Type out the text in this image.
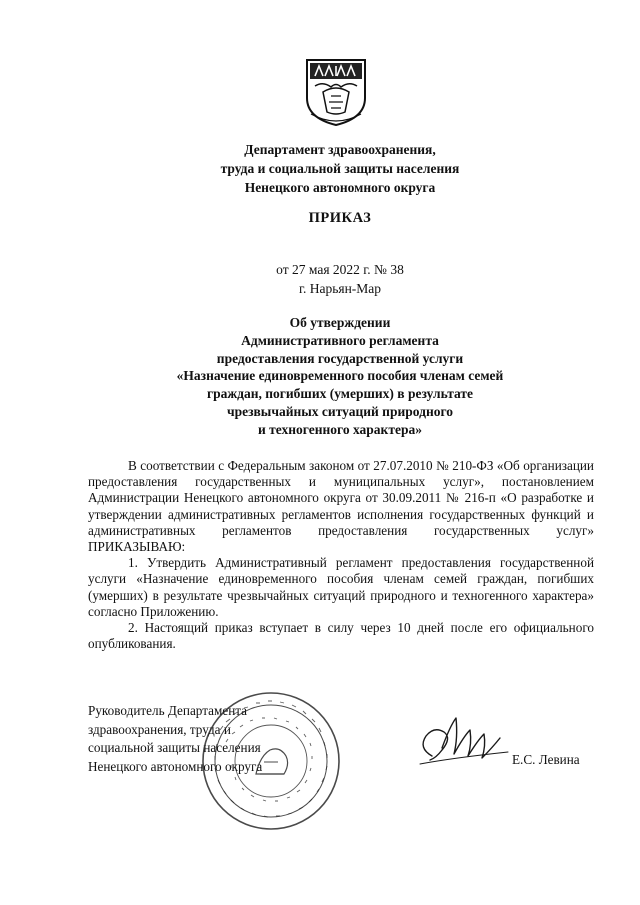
Департамент здравоохранения,
труда и социальной защиты населения
Ненецкого автономного округа
ПРИКАЗ
от 27 мая 2022 г. № 38
г. Нарьян-Мар
Об утверждении
Административного регламента
предоставления государственной услуги
«Назначение единовременного пособия членам семей
граждан, погибших (умерших) в результате
чрезвычайных ситуаций природного
и техногенного характера»

В соответствии с Федеральным законом от 27.07.2010 № 210-ФЗ «Об организации предоставления государственных и муниципальных услуг», постановлением Администрации Ненецкого автономного округа от 30.09.2011 № 216-п «О разработке и утверждении административных регламентов исполнения государственных функций и административных регламентов предоставления государственных услуг» ПРИКАЗЫВАЮ:

1. Утвердить Административный регламент предоставления государственной услуги «Назначение единовременного пособия членам семей граждан, погибших (умерших) в результате чрезвычайных ситуаций природного и техногенного характера» согласно Приложению.

2. Настоящий приказ вступает в силу через 10 дней после его официального опубликования.

Руководитель Департамента
здравоохранения, труда и
социальной защиты населения
Ненецкого автономного округа	Е.С. Левина
